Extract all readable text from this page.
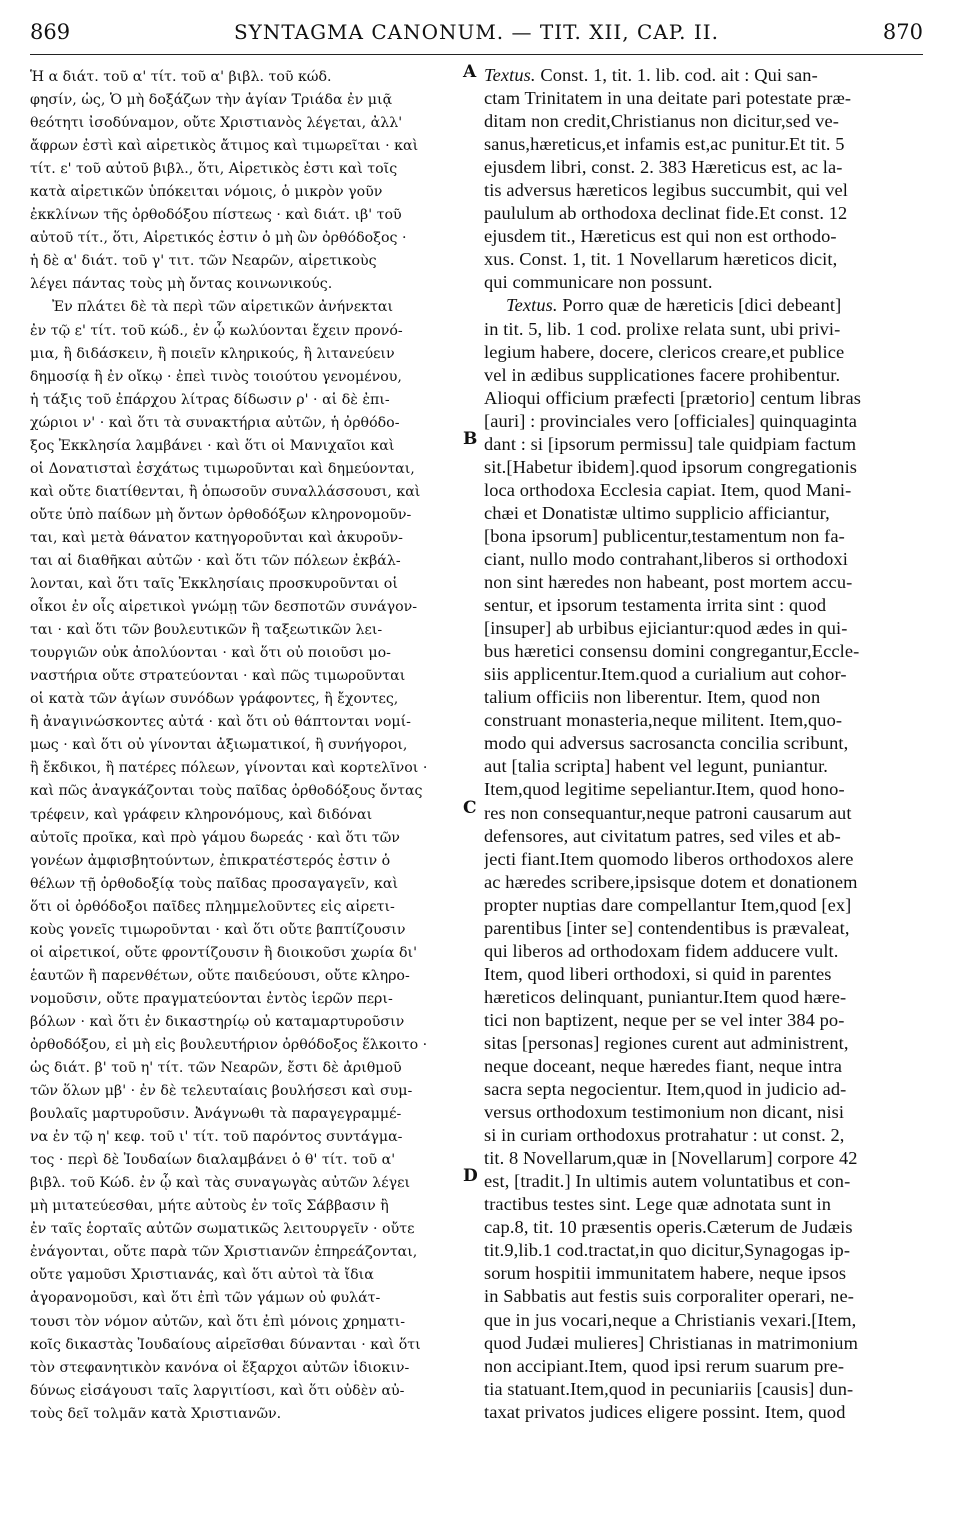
869	SYNTAGMA CANONUM. — TIT. XII, CAP. II.	870
A
B
C
D
Ἡ α διάτ. τοῦ α' τίτ. τοῦ α' βιβλ. τοῦ κώδ.
φησίν, ὡς, Ὁ μὴ δοξάζων τὴν ἁγίαν Τριάδα ἐν μιᾷ
θεότητι ἰσοδύναμον, οὔτε Χριστιανὸς λέγεται, ἀλλ'
ἄφρων ἐστὶ καὶ αἱρετικὸς ἄτιμος καὶ τιμωρεῖται · καὶ
τίτ. ε' τοῦ αὐτοῦ βιβλ., ὅτι, Αἱρετικὸς ἐστι καὶ τοῖς
κατὰ αἱρετικῶν ὑπόκειται νόμοις, ὁ μικρὸν γοῦν
ἐκκλίνων τῆς ὀρθοδόξου πίστεως · καὶ διάτ. ιβ' τοῦ
αὐτοῦ τίτ., ὅτι, Αἱρετικός ἐστιν ὁ μὴ ὢν ὀρθόδοξος ·
ἡ δὲ α' διάτ. τοῦ γ' τιτ. τῶν Νεαρῶν, αἱρετικοὺς
λέγει πάντας τοὺς μὴ ὄντας κοινωνικούς.
Ἐν πλάτει δὲ τὰ περὶ τῶν αἱρετικῶν ἀνήνεκται
ἐν τῷ ε' τίτ. τοῦ κώδ., ἐν ᾧ κωλύονται ἔχειν προνό-
μια, ἢ διδάσκειν, ἢ ποιεῖν κληρικούς, ἢ λιτανεύειν
δημοσίᾳ ἢ ἐν οἴκῳ · ἐπεὶ τινὸς τοιούτου γενομένου,
ἡ τάξις τοῦ ἐπάρχου λίτρας δίδωσιν ρ' · αἱ δὲ ἐπι-
χώριοι ν' · καὶ ὅτι τὰ συνακτήρια αὐτῶν, ἡ ὀρθόδο-
ξος Ἐκκλησία λαμβάνει · καὶ ὅτι οἱ Μανιχαῖοι καὶ
οἱ Δονατισταὶ ἐσχάτως τιμωροῦνται καὶ δημεύονται,
καὶ οὔτε διατίθενται, ἢ ὁπωσοῦν συναλλάσσουσι, καὶ
οὔτε ὑπὸ παίδων μὴ ὄντων ὀρθοδόξων κληρονομοῦν-
ται, καὶ μετὰ θάνατον κατηγοροῦνται καὶ ἀκυροῦν-
ται αἱ διαθῆκαι αὐτῶν · καὶ ὅτι τῶν πόλεων ἐκβάλ-
λονται, καὶ ὅτι ταῖς Ἐκκλησίαις προσκυροῦνται οἱ
οἶκοι ἐν οἷς αἱρετικοὶ γνώμῃ τῶν δεσποτῶν συνάγον-
ται · καὶ ὅτι τῶν βουλευτικῶν ἢ ταξεωτικῶν λει-
τουργιῶν οὐκ ἀπολύονται · καὶ ὅτι οὐ ποιοῦσι μο-
ναστήρια οὔτε στρατεύονται · καὶ πῶς τιμωροῦνται
οἱ κατὰ τῶν ἁγίων συνόδων γράφοντες, ἢ ἔχοντες,
ἢ ἀναγινώσκοντες αὐτά · καὶ ὅτι οὐ θάπτονται νομί-
μως · καὶ ὅτι οὐ γίνονται ἀξιωματικοί, ἢ συνήγοροι,
ἢ ἔκδικοι, ἢ πατέρες πόλεων, γίνονται καὶ κορτελῖνοι ·
καὶ πῶς ἀναγκάζονται τοὺς παῖδας ὀρθοδόξους ὄντας
τρέφειν, καὶ γράφειν κληρονόμους, καὶ διδόναι
αὐτοῖς προῖκα, καὶ πρὸ γάμου δωρεάς · καὶ ὅτι τῶν
γονέων ἀμφισβητούντων, ἐπικρατέστερός ἐστιν ὁ
θέλων τῇ ὀρθοδοξίᾳ τοὺς παῖδας προσαγαγεῖν, καὶ
ὅτι οἱ ὀρθόδοξοι παῖδες πλημμελοῦντες εἰς αἱρετι-
κοὺς γονεῖς τιμωροῦνται · καὶ ὅτι οὔτε βαπτίζουσιν
οἱ αἱρετικοί, οὔτε φροντίζουσιν ἢ διοικοῦσι χωρία δι'
ἑαυτῶν ἢ παρενθέτων, οὔτε παιδεύουσι, οὔτε κληρο-
νομοῦσιν, οὔτε πραγματεύονται ἐντὸς ἱερῶν περι-
βόλων · καὶ ὅτι ἐν δικαστηρίῳ οὐ καταμαρτυροῦσιν
ὀρθοδόξου, εἰ μὴ εἰς βουλευτήριον ὀρθόδοξος ἕλκοιτο ·
ὡς διάτ. β' τοῦ η' τίτ. τῶν Νεαρῶν, ἔστι δὲ ἀριθμοῦ
τῶν ὅλων μβ' · ἐν δὲ τελευταίαις βουλήσεσι καὶ συμ-
βουλαῖς μαρτυροῦσιν. Ἀνάγνωθι τὰ παραγεγραμμέ-
να ἐν τῷ η' κεφ. τοῦ ι' τίτ. τοῦ παρόντος συντάγμα-
τος · περὶ δὲ Ἰουδαίων διαλαμβάνει ὁ θ' τίτ. τοῦ α'
βιβλ. τοῦ Κώδ. ἐν ᾧ καὶ τὰς συναγωγὰς αὐτῶν λέγει
μὴ μιτατεύεσθαι, μήτε αὐτοὺς ἐν τοῖς Σάββασιν ἢ
ἐν ταῖς ἑορταῖς αὐτῶν σωματικῶς λειτουργεῖν · οὔτε
ἐνάγονται, οὔτε παρὰ τῶν Χριστιανῶν ἐπηρεάζονται,
οὔτε γαμοῦσι Χριστιανάς, καὶ ὅτι αὐτοὶ τὰ ἴδια
ἀγορανομοῦσι, καὶ ὅτι ἐπὶ τῶν γάμων οὐ φυλάτ-
τουσι τὸν νόμον αὐτῶν, καὶ ὅτι ἐπὶ μόνοις χρηματι-
κοῖς δικαστὰς Ἰουδαίους αἱρεῖσθαι δύνανται · καὶ ὅτι
τὸν στεφανητικὸν κανόνα οἱ ἔξαρχοι αὐτῶν ἰδιοκιν-
δύνως εἰσάγουσι ταῖς λαργιτίοσι, καὶ ὅτι οὐδὲν αὐ-
τοὺς δεῖ τολμᾶν κατὰ Χριστιανῶν.
Textus. Const. 1, tit. 1. lib. cod. ait : Qui san-
ctam Trinitatem in una deitate pari potestate præ-
ditam non credit,Christianus non dicitur,sed ve-
sanus,hæreticus,et infamis est,ac punitur.Et tit. 5
ejusdem libri, const. 2. 383 Hæreticus est, ac la-
tis adversus hæreticos legibus succumbit, qui vel
paululum ab orthodoxa declinat fide.Et const. 12
ejusdem tit., Hæreticus est qui non est orthodo-
xus. Const. 1, tit. 1 Novellarum hæreticos dicit,
qui communicare non possunt.
Textus. Porro quæ de hæreticis [dici debeant]
in tit. 5, lib. 1 cod. prolixe relata sunt, ubi privi-
legium habere, docere, clericos creare,et publice
vel in ædibus supplicationes facere prohibentur.
Alioqui officium præfecti [prætorio] centum libras
[auri] : provinciales vero [officiales] quinquaginta
dant : si [ipsorum permissu] tale quidpiam factum
sit.[Habetur ibidem].quod ipsorum congregationis
loca orthodoxa Ecclesia capiat. Item, quod Mani-
chæi et Donatistæ ultimo supplicio afficiantur,
[bona ipsorum] publicentur,testamentum non fa-
ciant, nullo modo contrahant,liberos si orthodoxi
non sint hæredes non habeant, post mortem accu-
sentur, et ipsorum testamenta irrita sint : quod
[insuper] ab urbibus ejiciantur:quod ædes in qui-
bus hæretici consensu domini congregantur,Eccle-
siis applicentur.Item.quod a curialium aut cohor-
talium officiis non liberentur. Item, quod non
construant monasteria,neque militent. Item,quo-
modo qui adversus sacrosancta concilia scribunt,
aut [talia scripta] habent vel legunt, puniantur.
Item,quod legitime sepeliantur.Item, quod hono-
res non consequantur,neque patroni causarum aut
defensores, aut civitatum patres, sed viles et ab-
jecti fiant.Item quomodo liberos orthodoxos alere
ac hæredes scribere,ipsisque dotem et donationem
propter nuptias dare compellantur Item,quod [ex]
parentibus [inter se] contendentibus is prævaleat,
qui liberos ad orthodoxam fidem adducere vult.
Item, quod liberi orthodoxi, si quid in parentes
hæreticos delinquant, puniantur.Item quod hære-
tici non baptizent, neque per se vel inter 384 po-
sitas [personas] regiones curent aut administrent,
neque doceant, neque hæredes fiant, neque intra
sacra septa negocientur. Item,quod in judicio ad-
versus orthodoxum testimonium non dicant, nisi
si in curiam orthodoxus protrahatur : ut const. 2,
tit. 8 Novellarum,quæ in [Novellarum] corpore 42
est, [tradit.] In ultimis autem voluntatibus et con-
tractibus testes sint. Lege quæ adnotata sunt in
cap.8, tit. 10 præsentis operis.Cæterum de Judæis
tit.9,lib.1 cod.tractat,in quo dicitur,Synagogas ip-
sorum hospitii immunitatem habere, neque ipsos
in Sabbatis aut festis suis corporaliter operari, ne-
que in jus vocari,neque a Christianis vexari.[Item,
quod Judæi mulieres] Christianas in matrimonium
non accipiant.Item, quod ipsi rerum suarum pre-
tia statuant.Item,quod in pecuniariis [causis] dun-
taxat privatos judices eligere possint. Item, quod
